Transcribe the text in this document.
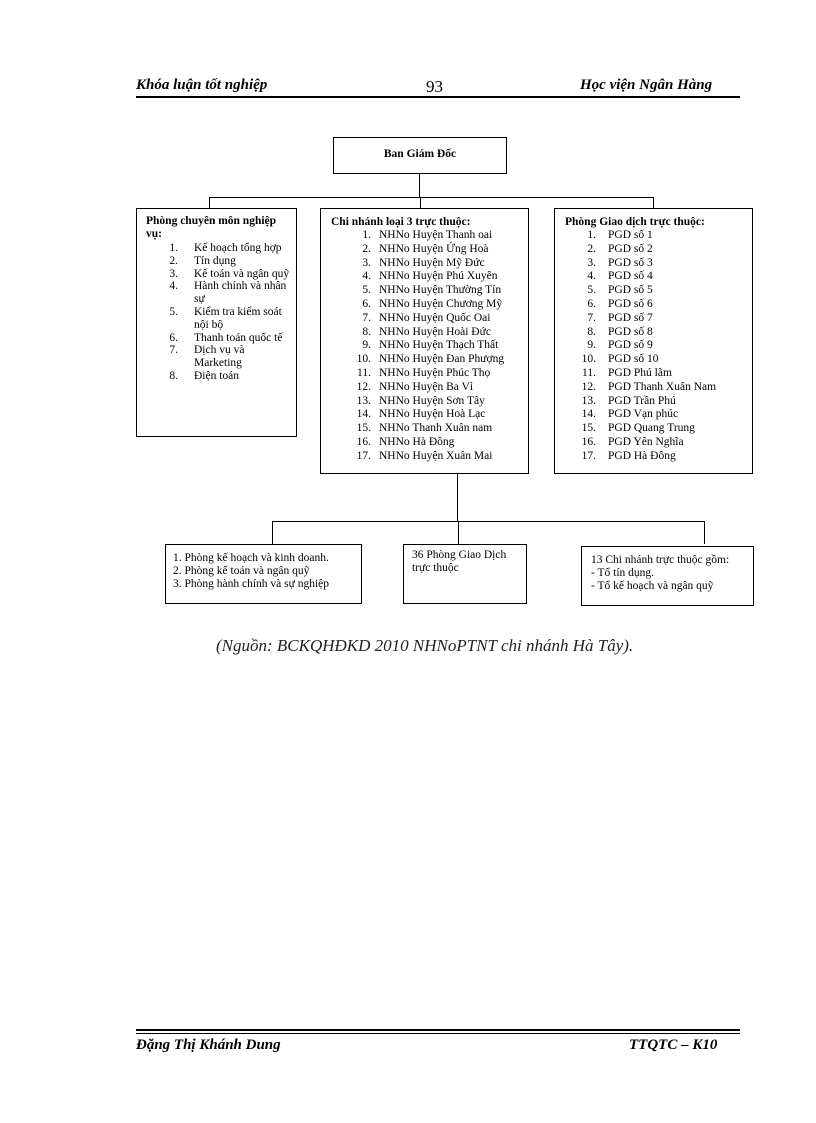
Khóa luận tốt nghiệp	93	Học viện Ngân Hàng
Ban Giám Đốc
Phòng chuyên môn nghiệp
vụ:
1. Kế hoạch tổng hợp
2. Tín dụng
3. Kế toán và ngân quỹ
4. Hành chính và nhân sự
5. Kiểm tra kiểm soát nội bộ
6. Thanh toán quốc tế
7. Dịch vụ và Marketing
8. Điện toán
Chi nhánh loại 3 trực thuộc:
1. NHNo Huyện Thanh oai
2. NHNo Huyện Ứng Hoà
3. NHNo Huyện Mỹ Đức
4. NHNo Huyện Phú Xuyên
5. NHNo Huyện Thường Tín
6. NHNo Huyện Chương Mỹ
7. NHNo Huyện Quốc Oai
8. NHNo Huyện Hoài Đức
9. NHNo Huyện Thạch Thất
10. NHNo Huyện Đan Phượng
11. NHNo Huyện Phúc Thọ
12. NHNo Huyện Ba Vì
13. NHNo Huyện Sơn Tây
14. NHNo Huyện Hoà Lạc
15. NHNo Thanh Xuân nam
16. NHNo Hà Đông
17. NHNo Huyện Xuân Mai
Phòng Giao dịch trực thuộc:
1. PGD số 1
2. PGD số 2
3. PGD số 3
4. PGD số 4
5. PGD số 5
6. PGD số 6
7. PGD số 7
8. PGD số 8
9. PGD số 9
10. PGD số 10
11. PGD Phú lãm
12. PGD Thanh Xuân Nam
13. PGD Trần Phú
14. PGD Vạn phúc
15. PGD Quang Trung
16. PGD Yên Nghĩa
17. PGD Hà Đông
1. Phòng kế hoạch và kinh doanh.
2. Phòng kế toán và ngân quỹ
3. Phòng hành chính và sự nghiệp
36 Phòng Giao Dịch
trực thuộc
13 Chi nhánh trực thuộc gồm:
- Tổ tín dụng.
- Tổ kế hoạch và ngân quỹ
(Nguồn: BCKQHĐKD 2010 NHNoPTNT chi nhánh Hà Tây).
Đặng Thị Khánh Dung	TTQTC – K10
